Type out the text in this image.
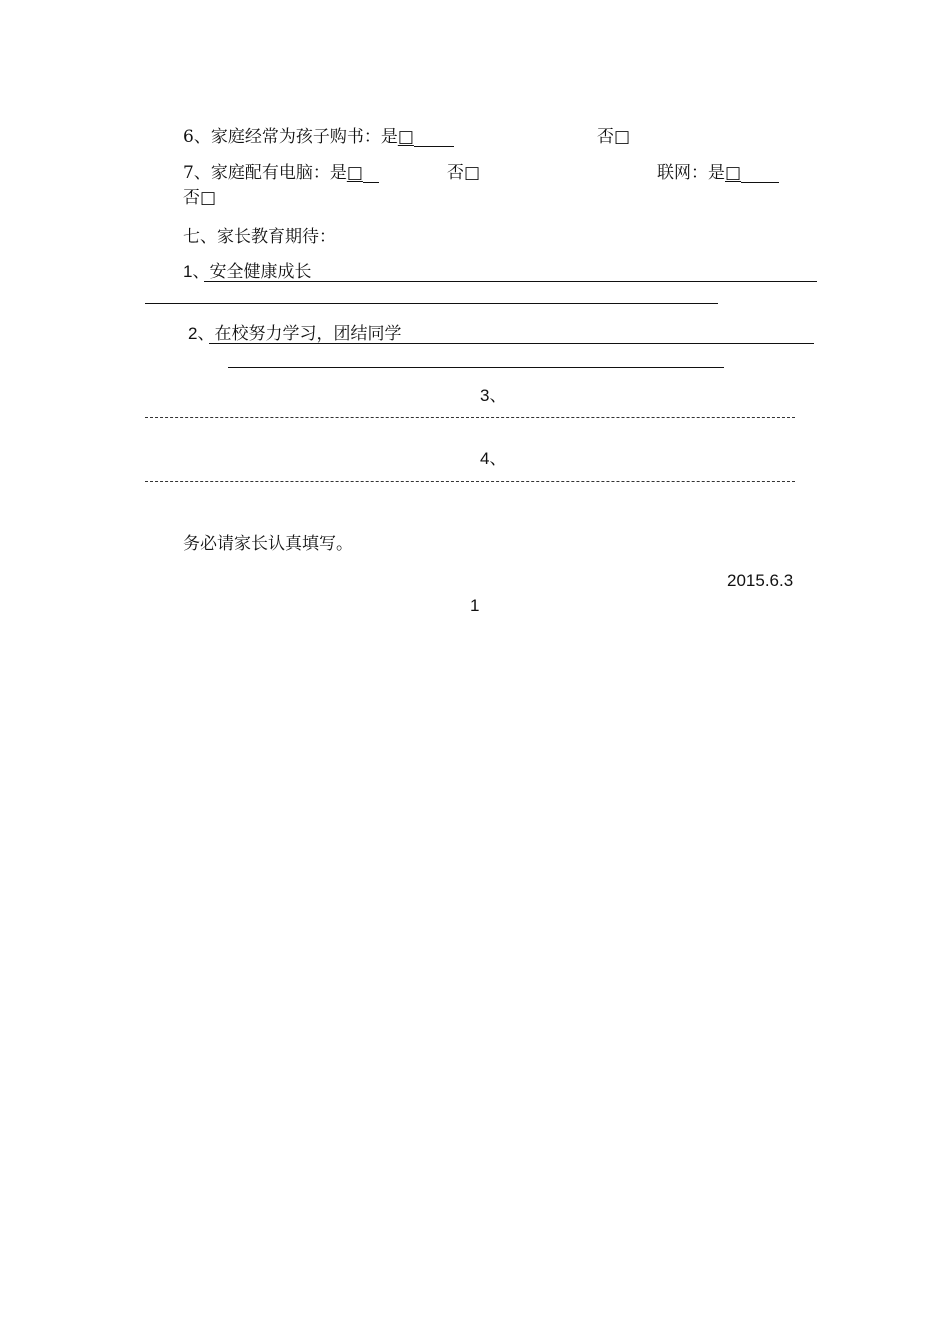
6、家庭经常为孩子购书：是□	否□
7、家庭配有电脑：是□	否□	联网：是□
否□
七、家长教育期待：
1、安全健康成长
2、在校努力学习，团结同学
3、
4、
务必请家长认真填写。
2015.6.3
1
